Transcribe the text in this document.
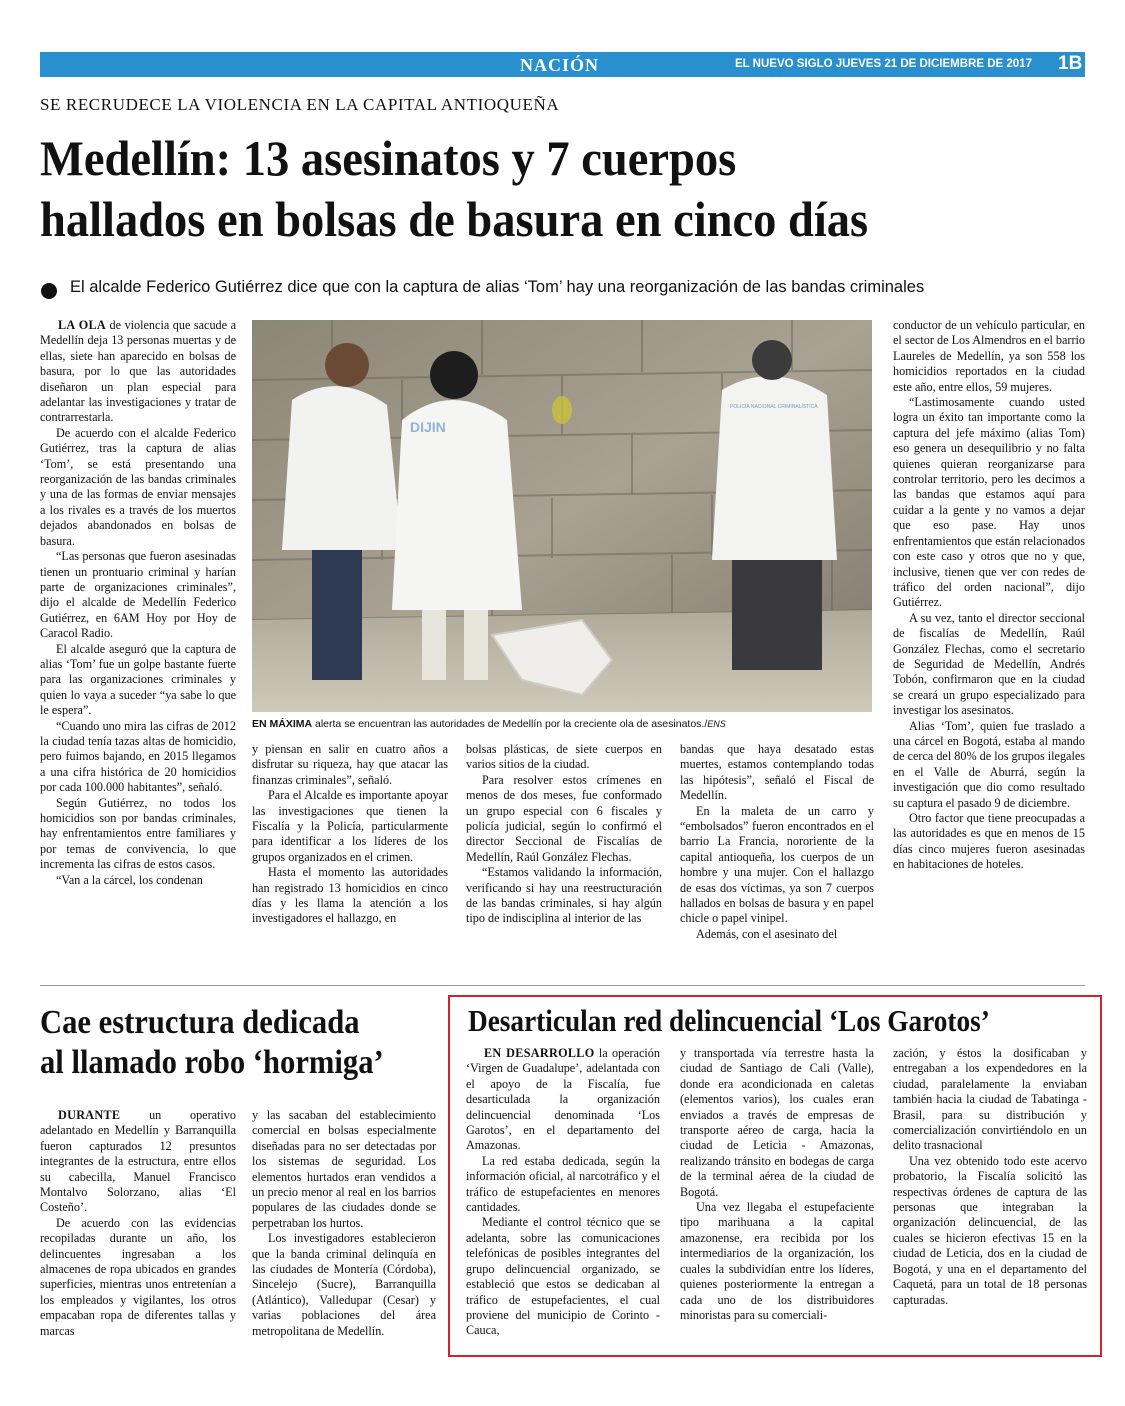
NACIÓN	EL NUEVO SIGLO JUEVES 21 DE DICIEMBRE DE 2017 1B
SE RECRUDECE LA VIOLENCIA EN LA CAPITAL ANTIOQUEÑA
Medellín: 13 asesinatos y 7 cuerpos
hallados en bolsas de basura en cinco días
El alcalde Federico Gutiérrez dice que con la captura de alias ‘Tom’ hay una reorganización de las bandas criminales

LA OLA de violencia que sacude a Medellín deja 13 personas muertas y de ellas, siete han aparecido en bolsas de basura, por lo que las autoridades diseñaron un plan especial para adelantar las investigaciones y tratar de contrarrestarla.

De acuerdo con el alcalde Federico Gutiérrez, tras la captura de alias ‘Tom’, se está presentando una reorganización de las bandas criminales y una de las formas de enviar mensajes a los rivales es a través de los muertos dejados abandonados en bolsas de basura.

“Las personas que fueron asesinadas tienen un prontuario criminal y harían parte de organizaciones criminales”, dijo el alcalde de Medellín Federico Gutiérrez, en 6AM Hoy por Hoy de Caracol Radio.

El alcalde aseguró que la captura de alias ‘Tom’ fue un golpe bastante fuerte para las organizaciones criminales y quien lo vaya a suceder “ya sabe lo que le espera”.

“Cuando uno mira las cifras de 2012 la ciudad tenía tazas altas de homicidio, pero fuimos bajando, en 2015 llegamos a una cifra histórica de 20 homicidios por cada 100.000 habitantes”, señaló.

Según Gutiérrez, no todos los homicidios son por bandas criminales, hay enfrentamientos entre familiares y por temas de convivencia, lo que incrementa las cifras de estos casos.

“Van a la cárcel, los condenan

DIJIN
POLICÍA NACIONAL CRIMINALÍSTICA
EN MÁXIMA alerta se encuentran las autoridades de Medellín por la creciente ola de asesinatos./ENS

y piensan en salir en cuatro años a disfrutar su riqueza, hay que atacar las finanzas criminales”, señaló.

Para el Alcalde es importante apoyar las investigaciones que tienen la Fiscalía y la Policía, particularmente para identificar a los líderes de los grupos organizados en el crimen.

Hasta el momento las autoridades han registrado 13 homicidios en cinco días y les llama la atención a los investigadores el hallazgo, en

bolsas plásticas, de siete cuerpos en varios sitios de la ciudad.

Para resolver estos crímenes en menos de dos meses, fue conformado un grupo especial con 6 fiscales y policía judicial, según lo confirmó el director Seccional de Fiscalías de Medellín, Raúl González Flechas.

“Estamos validando la información, verificando si hay una reestructuración de las bandas criminales, si hay algún tipo de indisciplina al interior de las

bandas que haya desatado estas muertes, estamos contemplando todas las hipótesis”, señaló el Fiscal de Medellín.

En la maleta de un carro y “embolsados” fueron encontrados en el barrio La Francia, nororiente de la capital antioqueña, los cuerpos de un hombre y una mujer. Con el hallazgo de esas dos víctimas, ya son 7 cuerpos hallados en bolsas de basura y en papel chicle o papel vinipel.

Además, con el asesinato del

conductor de un vehículo particular, en el sector de Los Almendros en el barrio Laureles de Medellín, ya son 558 los homicidios reportados en la ciudad este año, entre ellos, 59 mujeres.

“Lastimosamente cuando usted logra un éxito tan importante como la captura del jefe máximo (alias Tom) eso genera un desequilibrio y no falta quienes quieran reorganizarse para controlar territorio, pero les decimos a las bandas que estamos aquí para cuidar a la gente y no vamos a dejar que eso pase. Hay unos enfrentamientos que están relacionados con este caso y otros que no y que, inclusive, tienen que ver con redes de tráfico del orden nacional”, dijo Gutiérrez.

A su vez, tanto el director seccional de fiscalías de Medellín, Raúl González Flechas, como el secretario de Seguridad de Medellín, Andrés Tobón, confirmaron que en la ciudad se creará un grupo especializado para investigar los asesinatos.

Alias ‘Tom’, quien fue traslado a una cárcel en Bogotá, estaba al mando de cerca del 80% de los grupos ilegales en el Valle de Aburrá, según la investigación que dio como resultado su captura el pasado 9 de diciembre.

Otro factor que tiene preocupadas a las autoridades es que en menos de 15 días cinco mujeres fueron asesinadas en habitaciones de hoteles.

Cae estructura dedicada
al llamado robo ‘hormiga’

DURANTE un operativo adelantado en Medellín y Barranquilla fueron capturados 12 presuntos integrantes de la estructura, entre ellos su cabecilla, Manuel Francisco Montalvo Solorzano, alias ‘El Costeño’.

De acuerdo con las evidencias recopiladas durante un año, los delincuentes ingresaban a los almacenes de ropa ubicados en grandes superficies, mientras unos entretenían a los empleados y vigilantes, los otros empacaban ropa de diferentes tallas y marcas

y las sacaban del establecimiento comercial en bolsas especialmente diseñadas para no ser detectadas por los sistemas de seguridad. Los elementos hurtados eran vendidos a un precio menor al real en los barrios populares de las ciudades donde se perpetraban los hurtos.

Los investigadores establecieron que la banda criminal delinquía en las ciudades de Montería (Córdoba), Sincelejo (Sucre), Barranquilla (Atlántico), Valledupar (Cesar) y varias poblaciones del área metropolitana de Medellín.

Desarticulan red delincuencial ‘Los Garotos’

EN DESARROLLO la operación ‘Virgen de Guadalupe’, adelantada con el apoyo de la Fiscalía, fue desarticulada la organización delincuencial denominada ‘Los Garotos’, en el departamento del Amazonas.

La red estaba dedicada, según la información oficial, al narcotráfico y el tráfico de estupefacientes en menores cantidades.

Mediante el control técnico que se adelanta, sobre las comunicaciones telefónicas de posibles integrantes del grupo delincuencial organizado, se estableció que estos se dedicaban al tráfico de estupefacientes, el cual proviene del municipio de Corinto - Cauca,

y transportada vía terrestre hasta la ciudad de Santiago de Cali (Valle), donde era acondicionada en caletas (elementos varios), los cuales eran enviados a través de empresas de transporte aéreo de carga, hacia la ciudad de Leticia - Amazonas, realizando tránsito en bodegas de carga de la terminal aérea de la ciudad de Bogotá.

Una vez llegaba el estupefaciente tipo marihuana a la capital amazonense, era recibida por los intermediarios de la organización, los cuales la subdividían entre los líderes, quienes posteriormente la entregan a cada uno de los distribuidores minoristas para su comerciali-

zación, y éstos la dosificaban y entregaban a los expendedores en la ciudad, paralelamente la enviaban también hacia la ciudad de Tabatinga - Brasil, para su distribución y comercialización convirtiéndolo en un delito trasnacional

Una vez obtenido todo este acervo probatorio, la Fiscalía solicitó las respectivas órdenes de captura de las personas que integraban la organización delincuencial, de las cuales se hicieron efectivas 15 en la ciudad de Leticia, dos en la ciudad de Bogotá, y una en el departamento del Caquetá, para un total de 18 personas capturadas.
